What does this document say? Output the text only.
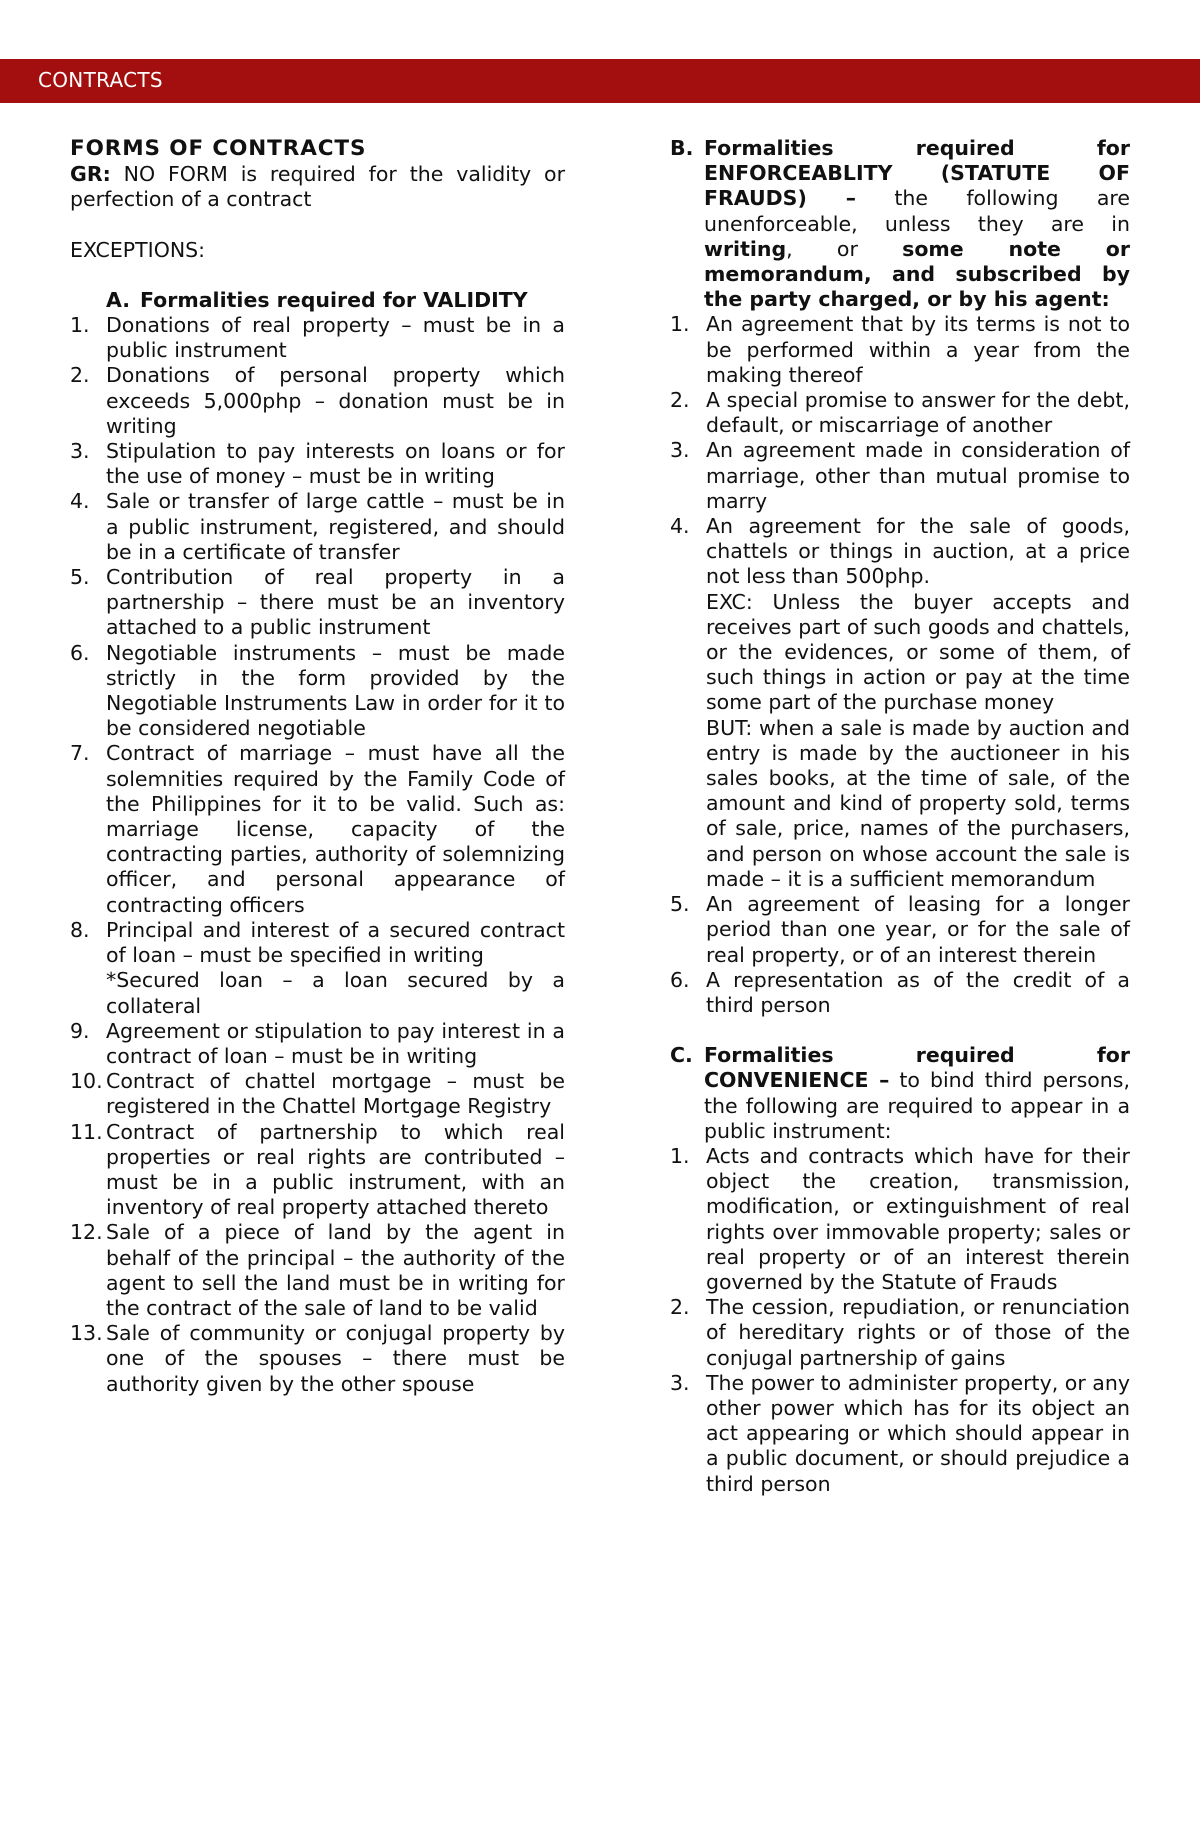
CONTRACTS
FORMS OF CONTRACTS
GR: NO FORM is required for the validity or perfection of a contract
EXCEPTIONS:
A. Formalities required for VALIDITY
1. Donations of real property – must be in a public instrument
2. Donations of personal property which exceeds 5,000php – donation must be in writing
3. Stipulation to pay interests on loans or for the use of money – must be in writing
4. Sale or transfer of large cattle – must be in a public instrument, registered, and should be in a certificate of transfer
5. Contribution of real property in a partnership – there must be an inventory attached to a public instrument
6. Negotiable instruments – must be made strictly in the form provided by the Negotiable Instruments Law in order for it to be considered negotiable
7. Contract of marriage – must have all the solemnities required by the Family Code of the Philippines for it to be valid. Such as: marriage license, capacity of the contracting parties, authority of solemnizing officer, and personal appearance of contracting officers
8. Principal and interest of a secured contract of loan – must be specified in writing
*Secured loan – a loan secured by a collateral
9. Agreement or stipulation to pay interest in a contract of loan – must be in writing
10. Contract of chattel mortgage – must be registered in the Chattel Mortgage Registry
11. Contract of partnership to which real properties or real rights are contributed – must be in a public instrument, with an inventory of real property attached thereto
12. Sale of a piece of land by the agent in behalf of the principal – the authority of the agent to sell the land must be in writing for the contract of the sale of land to be valid
13. Sale of community or conjugal property by one of the spouses – there must be authority given by the other spouse
B. Formalities required for ENFORCEABLITY (STATUTE OF FRAUDS) – the following are unenforceable, unless they are in writing, or some note or memorandum, and subscribed by the party charged, or by his agent:
1. An agreement that by its terms is not to be performed within a year from the making thereof
2. A special promise to answer for the debt, default, or miscarriage of another
3. An agreement made in consideration of marriage, other than mutual promise to marry
4. An agreement for the sale of goods, chattels or things in auction, at a price not less than 500php.
EXC: Unless the buyer accepts and receives part of such goods and chattels, or the evidences, or some of them, of such things in action or pay at the time some part of the purchase money
BUT: when a sale is made by auction and entry is made by the auctioneer in his sales books, at the time of sale, of the amount and kind of property sold, terms of sale, price, names of the purchasers, and person on whose account the sale is made – it is a sufficient memorandum
5. An agreement of leasing for a longer period than one year, or for the sale of real property, or of an interest therein
6. A representation as of the credit of a third person
C. Formalities required for CONVENIENCE – to bind third persons, the following are required to appear in a public instrument:
1. Acts and contracts which have for their object the creation, transmission, modification, or extinguishment of real rights over immovable property; sales or real property or of an interest therein governed by the Statute of Frauds
2. The cession, repudiation, or renunciation of hereditary rights or of those of the conjugal partnership of gains
3. The power to administer property, or any other power which has for its object an act appearing or which should appear in a public document, or should prejudice a third person
